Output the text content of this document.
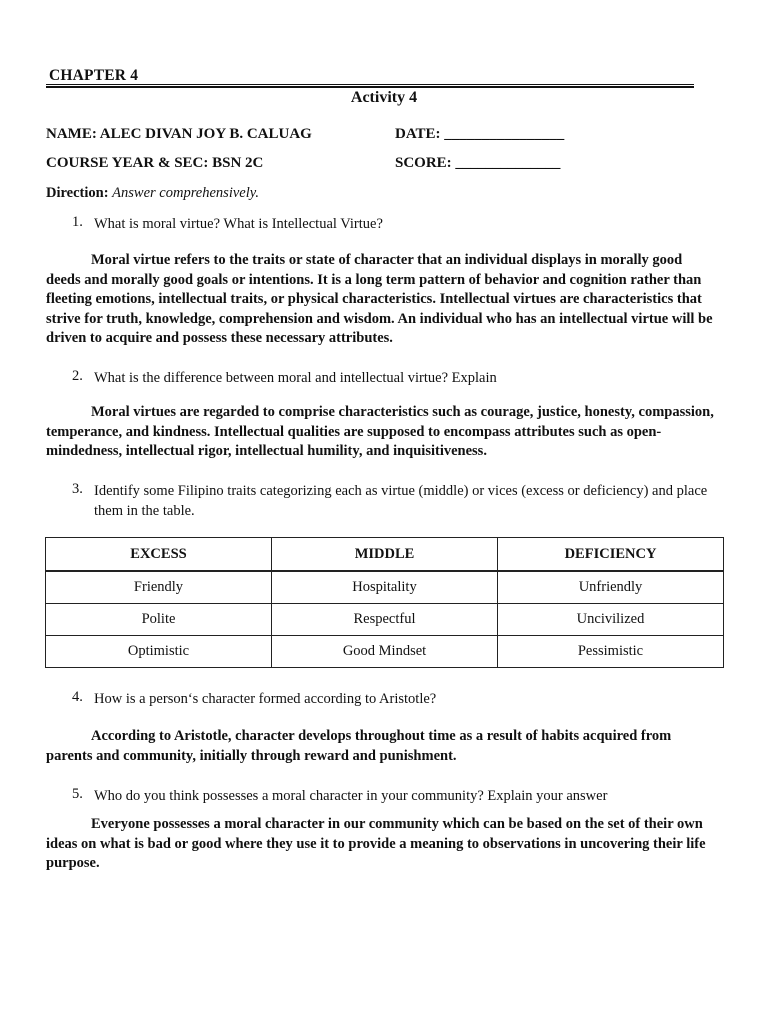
CHAPTER 4
Activity 4
NAME: ALEC DIVAN JOY B. CALUAG	DATE: ________________
COURSE YEAR & SEC: BSN 2C	SCORE: ______________
Direction: Answer comprehensively.
1. What is moral virtue? What is Intellectual Virtue?
Moral virtue refers to the traits or state of character that an individual displays in morally good deeds and morally good goals or intentions. It is a long term pattern of behavior and cognition rather than fleeting emotions, intellectual traits, or physical characteristics. Intellectual virtues are characteristics that strive for truth, knowledge, comprehension and wisdom. An individual who has an intellectual virtue will be driven to acquire and possess these necessary attributes.
2. What is the difference between moral and intellectual virtue? Explain
Moral virtues are regarded to comprise characteristics such as courage, justice, honesty, compassion, temperance, and kindness. Intellectual qualities are supposed to encompass attributes such as open-mindedness, intellectual rigor, intellectual humility, and inquisitiveness.
3. Identify some Filipino traits categorizing each as virtue (middle) or vices (excess or deficiency) and place them in the table.
EXCESS	MIDDLE	DEFICIENCY
Friendly	Hospitality	Unfriendly
Polite	Respectful	Uncivilized
Optimistic	Good Mindset	Pessimistic
4. How is a person‘s character formed according to Aristotle?
According to Aristotle, character develops throughout time as a result of habits acquired from parents and community, initially through reward and punishment.
5. Who do you think possesses a moral character in your community? Explain your answer
Everyone possesses a moral character in our community which can be based on the set of their own ideas on what is bad or good where they use it to provide a meaning to observations in uncovering their life purpose.
